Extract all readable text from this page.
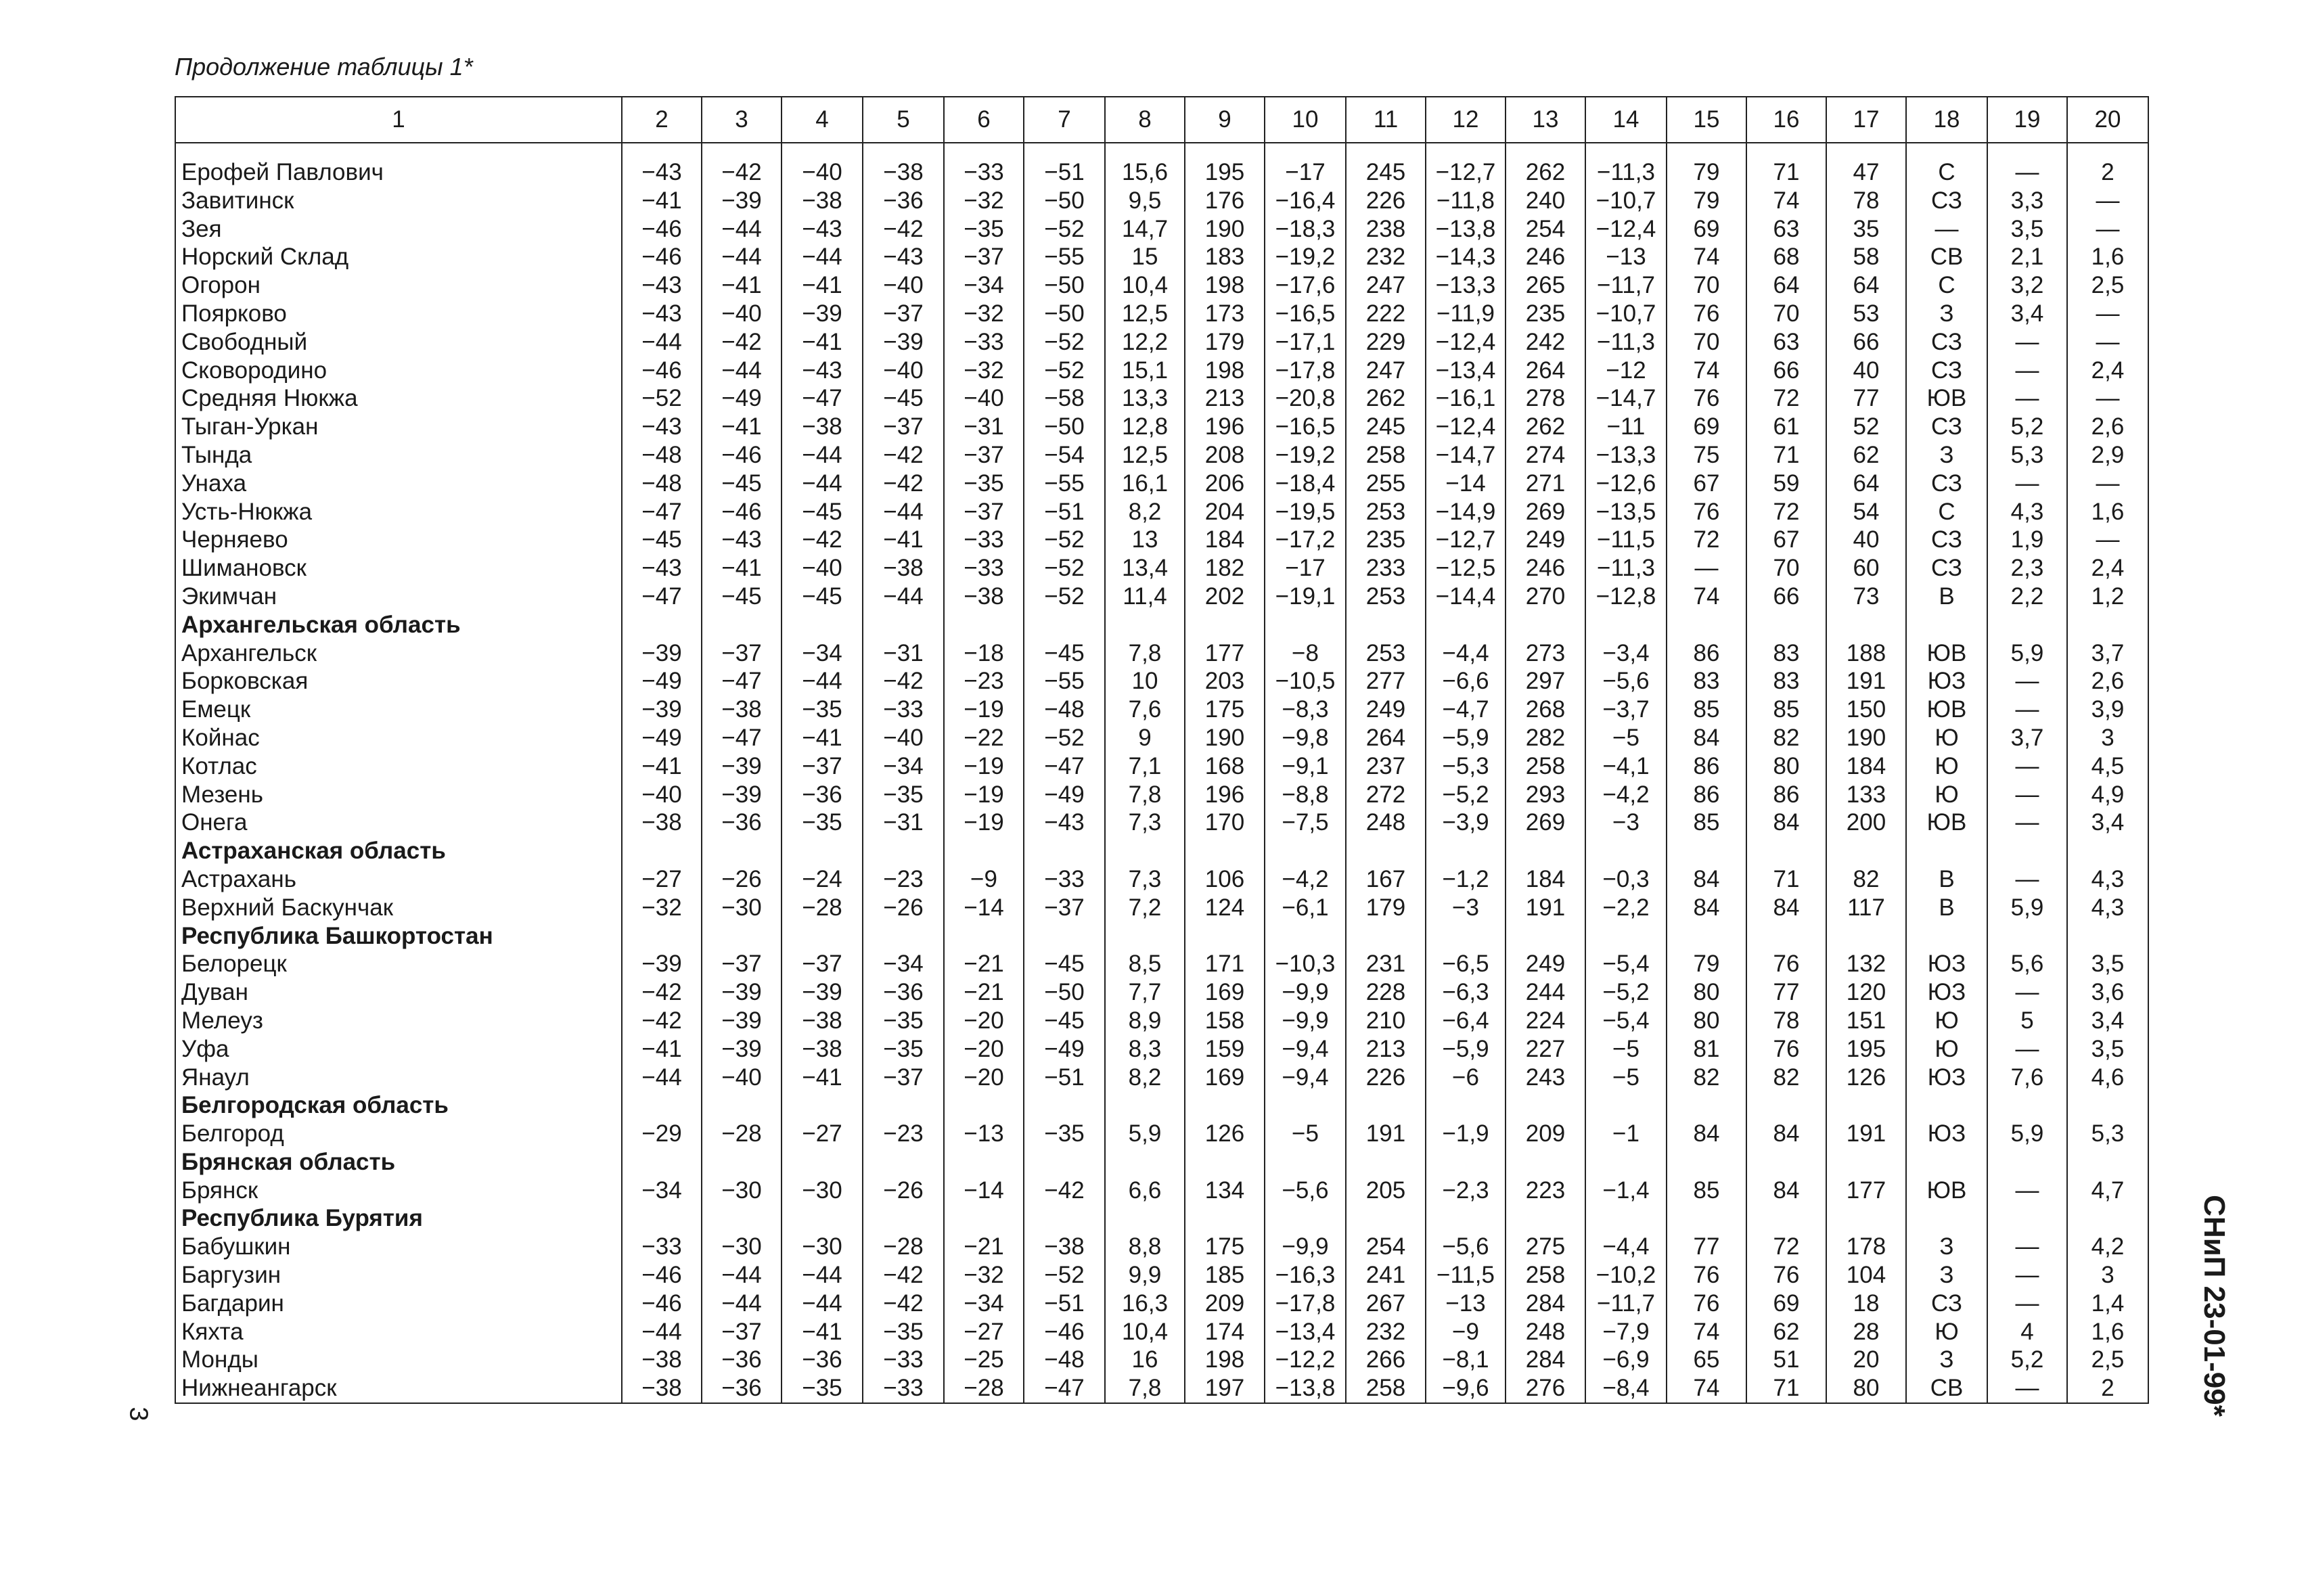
Продолжение таблицы 1*
1	2	3	4	5	6	7	8	9	10	11	12	13	14	15	16	17	18	19	20

Ерофей Павлович	−43	−42	−40	−38	−33	−51	15,6	195	−17	245	−12,7	262	−11,3	79	71	47	С	—	2
Завитинск	−41	−39	−38	−36	−32	−50	9,5	176	−16,4	226	−11,8	240	−10,7	79	74	78	СЗ	3,3	—
Зея	−46	−44	−43	−42	−35	−52	14,7	190	−18,3	238	−13,8	254	−12,4	69	63	35	—	3,5	—
Норский Склад	−46	−44	−44	−43	−37	−55	15	183	−19,2	232	−14,3	246	−13	74	68	58	СВ	2,1	1,6
Огорон	−43	−41	−41	−40	−34	−50	10,4	198	−17,6	247	−13,3	265	−11,7	70	64	64	С	3,2	2,5
Поярково	−43	−40	−39	−37	−32	−50	12,5	173	−16,5	222	−11,9	235	−10,7	76	70	53	З	3,4	—
Свободный	−44	−42	−41	−39	−33	−52	12,2	179	−17,1	229	−12,4	242	−11,3	70	63	66	СЗ	—	—
Сковородино	−46	−44	−43	−40	−32	−52	15,1	198	−17,8	247	−13,4	264	−12	74	66	40	СЗ	—	2,4
Средняя Нюкжа	−52	−49	−47	−45	−40	−58	13,3	213	−20,8	262	−16,1	278	−14,7	76	72	77	ЮВ	—	—
Тыган-Уркан	−43	−41	−38	−37	−31	−50	12,8	196	−16,5	245	−12,4	262	−11	69	61	52	СЗ	5,2	2,6
Тында	−48	−46	−44	−42	−37	−54	12,5	208	−19,2	258	−14,7	274	−13,3	75	71	62	З	5,3	2,9
Унаха	−48	−45	−44	−42	−35	−55	16,1	206	−18,4	255	−14	271	−12,6	67	59	64	СЗ	—	—
Усть-Нюкжа	−47	−46	−45	−44	−37	−51	8,2	204	−19,5	253	−14,9	269	−13,5	76	72	54	С	4,3	1,6
Черняево	−45	−43	−42	−41	−33	−52	13	184	−17,2	235	−12,7	249	−11,5	72	67	40	СЗ	1,9	—
Шимановск	−43	−41	−40	−38	−33	−52	13,4	182	−17	233	−12,5	246	−11,3	—	70	60	СЗ	2,3	2,4
Экимчан	−47	−45	−45	−44	−38	−52	11,4	202	−19,1	253	−14,4	270	−12,8	74	66	73	В	2,2	1,2
Архангельская область																			
Архангельск	−39	−37	−34	−31	−18	−45	7,8	177	−8	253	−4,4	273	−3,4	86	83	188	ЮВ	5,9	3,7
Борковская	−49	−47	−44	−42	−23	−55	10	203	−10,5	277	−6,6	297	−5,6	83	83	191	ЮЗ	—	2,6
Емецк	−39	−38	−35	−33	−19	−48	7,6	175	−8,3	249	−4,7	268	−3,7	85	85	150	ЮВ	—	3,9
Койнас	−49	−47	−41	−40	−22	−52	9	190	−9,8	264	−5,9	282	−5	84	82	190	Ю	3,7	3
Котлас	−41	−39	−37	−34	−19	−47	7,1	168	−9,1	237	−5,3	258	−4,1	86	80	184	Ю	—	4,5
Мезень	−40	−39	−36	−35	−19	−49	7,8	196	−8,8	272	−5,2	293	−4,2	86	86	133	Ю	—	4,9
Онега	−38	−36	−35	−31	−19	−43	7,3	170	−7,5	248	−3,9	269	−3	85	84	200	ЮВ	—	3,4
Астраханская область																			
Астрахань	−27	−26	−24	−23	−9	−33	7,3	106	−4,2	167	−1,2	184	−0,3	84	71	82	В	—	4,3
Верхний Баскунчак	−32	−30	−28	−26	−14	−37	7,2	124	−6,1	179	−3	191	−2,2	84	84	117	В	5,9	4,3
Республика Башкортостан																			
Белорецк	−39	−37	−37	−34	−21	−45	8,5	171	−10,3	231	−6,5	249	−5,4	79	76	132	ЮЗ	5,6	3,5
Дуван	−42	−39	−39	−36	−21	−50	7,7	169	−9,9	228	−6,3	244	−5,2	80	77	120	ЮЗ	—	3,6
Мелеуз	−42	−39	−38	−35	−20	−45	8,9	158	−9,9	210	−6,4	224	−5,4	80	78	151	Ю	5	3,4
Уфа	−41	−39	−38	−35	−20	−49	8,3	159	−9,4	213	−5,9	227	−5	81	76	195	Ю	—	3,5
Янаул	−44	−40	−41	−37	−20	−51	8,2	169	−9,4	226	−6	243	−5	82	82	126	ЮЗ	7,6	4,6
Белгородская область																			
Белгород	−29	−28	−27	−23	−13	−35	5,9	126	−5	191	−1,9	209	−1	84	84	191	ЮЗ	5,9	5,3
Брянская область																			
Брянск	−34	−30	−30	−26	−14	−42	6,6	134	−5,6	205	−2,3	223	−1,4	85	84	177	ЮВ	—	4,7
Республика Бурятия																			
Бабушкин	−33	−30	−30	−28	−21	−38	8,8	175	−9,9	254	−5,6	275	−4,4	77	72	178	З	—	4,2
Баргузин	−46	−44	−44	−42	−32	−52	9,9	185	−16,3	241	−11,5	258	−10,2	76	76	104	З	—	3
Багдарин	−46	−44	−44	−42	−34	−51	16,3	209	−17,8	267	−13	284	−11,7	76	69	18	СЗ	—	1,4
Кяхта	−44	−37	−41	−35	−27	−46	10,4	174	−13,4	232	−9	248	−7,9	74	62	28	Ю	4	1,6
Монды	−38	−36	−36	−33	−25	−48	16	198	−12,2	266	−8,1	284	−6,9	65	51	20	З	5,2	2,5
Нижнеангарск	−38	−36	−35	−33	−28	−47	7,8	197	−13,8	258	−9,6	276	−8,4	74	71	80	СВ	—	2	СНиП 23-01-99*
3
